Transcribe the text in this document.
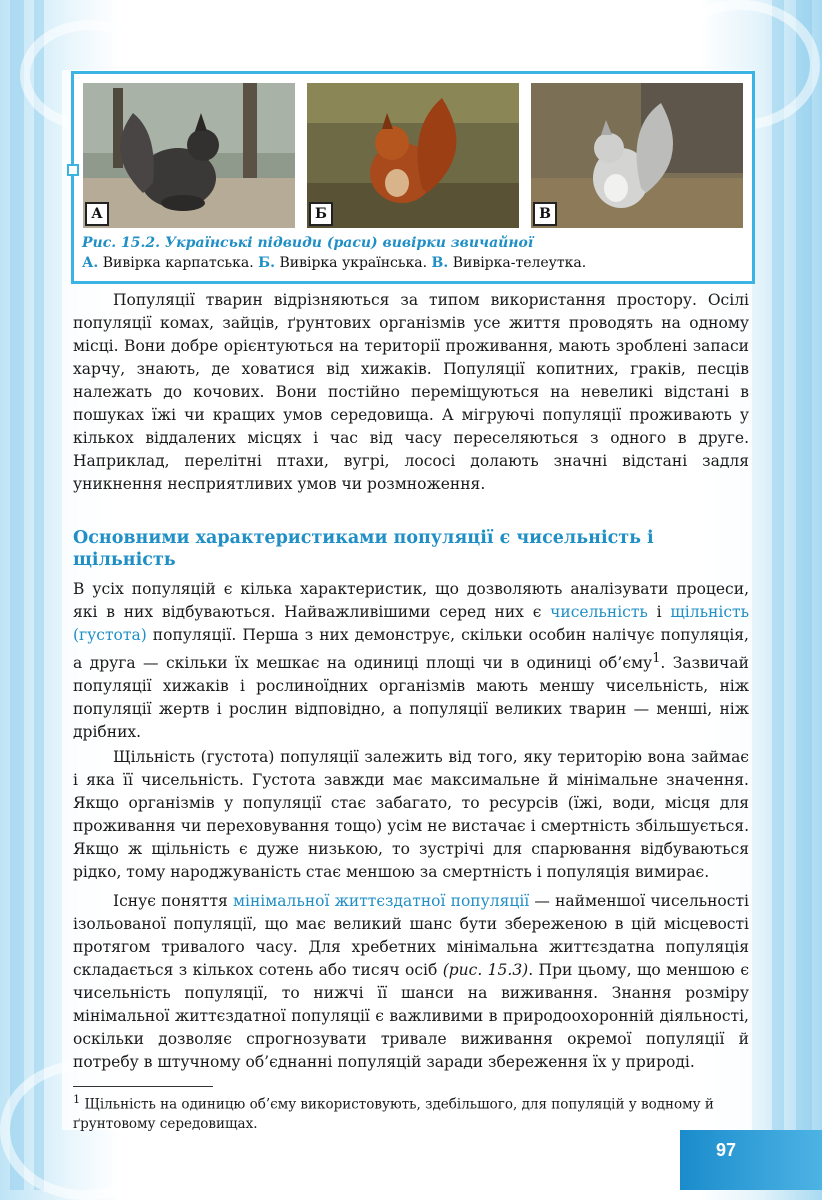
А	Б	В
Рис. 15.2. Українські підвиди (раси) вивірки звичайної
А. Вивірка карпатська. Б. Вивірка українська. В. Вивірка-телеутка.
Популяції тварин відрізняються за типом використання простору. Осілі популяції комах, зайців, ґрунтових організмів усе життя проводять на одному місці. Вони добре орієнтуються на території проживання, мають зроблені запаси харчу, знають, де ховатися від хижаків. Популяції копитних, граків, песців належать до кочових. Вони постійно переміщуються на невеликі відстані в пошуках їжі чи кращих умов середовища. А мігруючі популяції проживають у кількох віддалених місцях і час від часу переселяються з одного в друге. Наприклад, перелітні птахи, вугрі, лососі долають значні відстані задля уникнення несприятливих умов чи розмноження.
Основними характеристиками популяції є чисельність і щільність
В усіх популяцій є кілька характеристик, що дозволяють аналізувати процеси, які в них відбуваються. Найважливішими серед них є чисельність і щільність (густота) популяції. Перша з них демонструє, скільки особин налічує популяція, а друга — скільки їх мешкає на одиниці площі чи в одиниці об’єму$^1$. Зазвичай популяції хижаків і рослиноїдних організмів мають меншу чисельність, ніж популяції жертв і рослин відповідно, а популяції великих тварин — менші, ніж дрібних.
Щільність (густота) популяції залежить від того, яку територію вона займає і яка її чисельність. Густота завжди має максимальне й мінімальне значення. Якщо організмів у популяції стає забагато, то ресурсів (їжі, води, місця для проживання чи переховування тощо) усім не вистачає і смертність збільшується. Якщо ж щільність є дуже низькою, то зустрічі для спарювання відбуваються рідко, тому народжуваність стає меншою за смертність і популяція вимирає.
Існує поняття мінімальної життєздатної популяції — найменшої чисельності ізольованої популяції, що має великий шанс бути збереженою в цій місцевості протягом тривалого часу. Для хребетних мінімальна життєздатна популяція складається з кількох сотень або тисяч осіб (рис. 15.3). При цьому, що меншою є чисельність популяції, то нижчі її шанси на виживання. Знання розміру мінімальної життєздатної популяції є важливими в природоохоронній діяльності, оскільки дозволяє спрогнозувати тривале виживання окремої популяції й потребу в штучному об’єднанні популяцій заради збереження їх у природі.
$^1$ Щільність на одиницю об’єму використовують, здебільшого, для популяцій у водному й ґрунтовому середовищах.
97
